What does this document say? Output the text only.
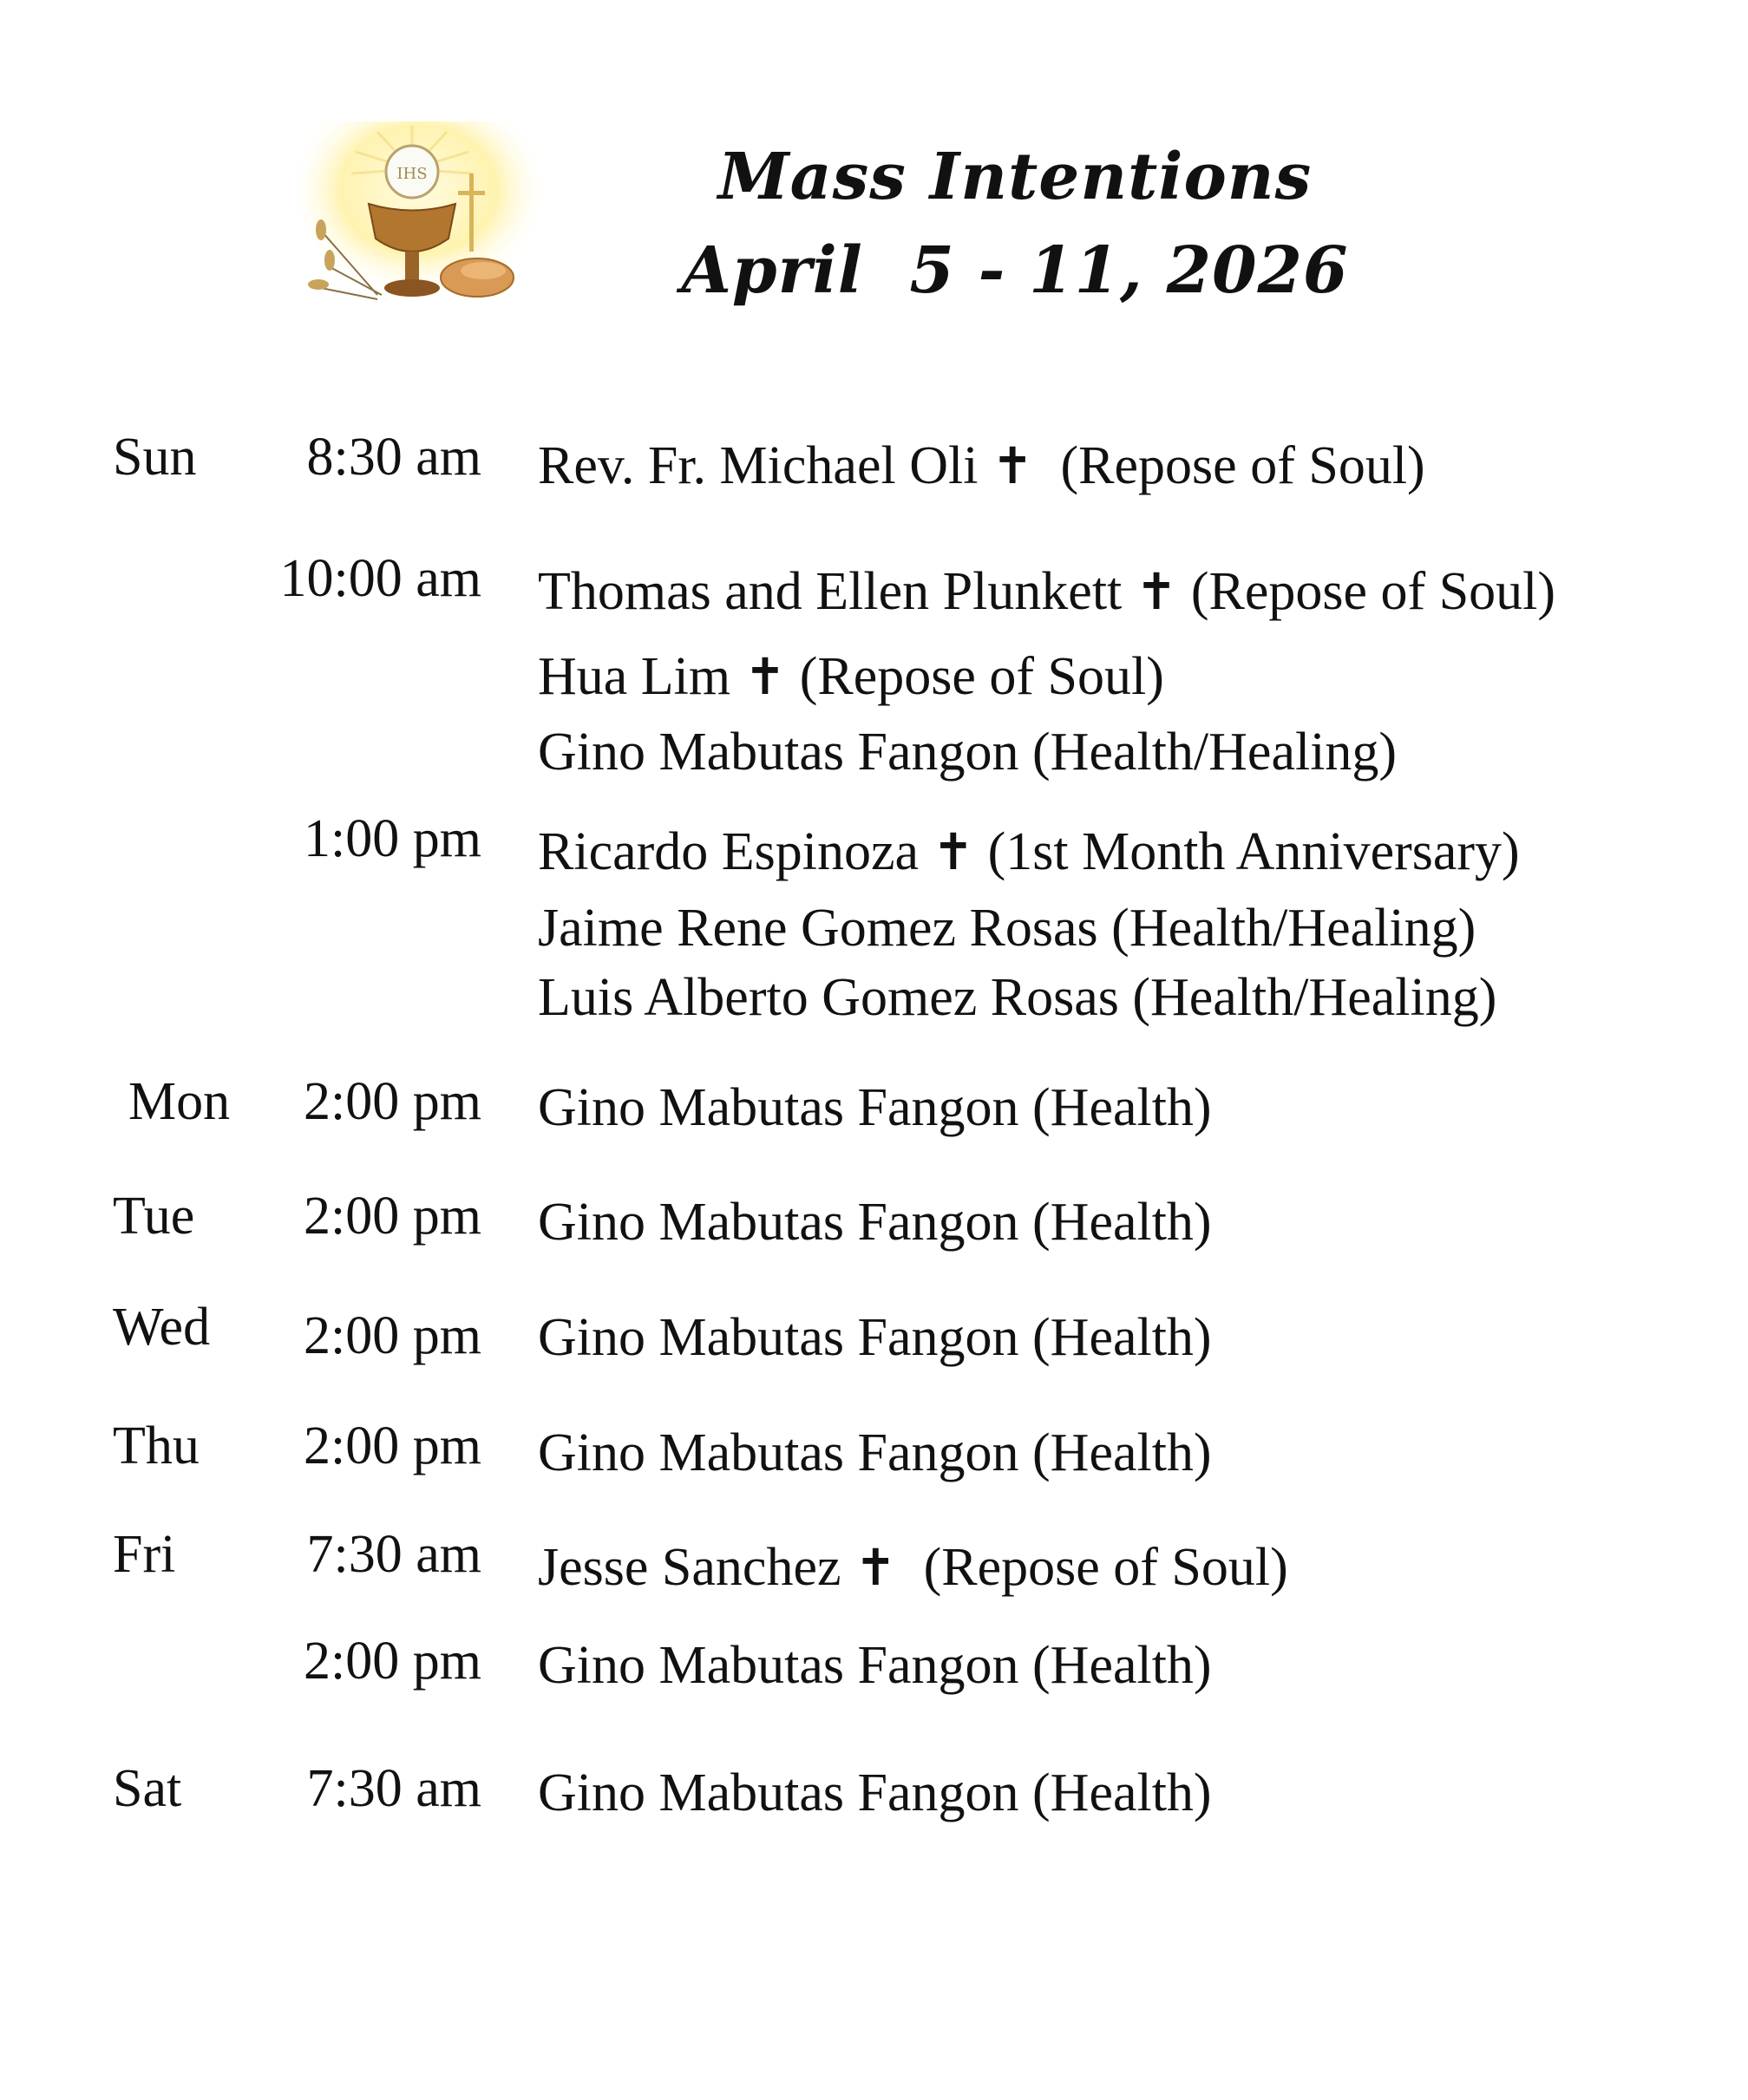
IHS	Mass Intentions
April  5 - 11, 2026
Sun 8:30 am Rev. Fr. Michael Oli ✝  (Repose of Soul)
10:00 am Thomas and Ellen Plunkett ✝ (Repose of Soul)
Hua Lim ✝ (Repose of Soul)
Gino Mabutas Fangon (Health/Healing)
1:00 pm Ricardo Espinoza ✝ (1st Month Anniversary)
Jaime Rene Gomez Rosas (Health/Healing)
Luis Alberto Gomez Rosas (Health/Healing)
Mon 2:00 pm Gino Mabutas Fangon (Health)
Tue 2:00 pm Gino Mabutas Fangon (Health)
Wed 2:00 pm Gino Mabutas Fangon (Health)
Thu 2:00 pm Gino Mabutas Fangon (Health)
Fri 7:30 am Jesse Sanchez ✝  (Repose of Soul)
2:00 pm Gino Mabutas Fangon (Health)
Sat 7:30 am Gino Mabutas Fangon (Health)
